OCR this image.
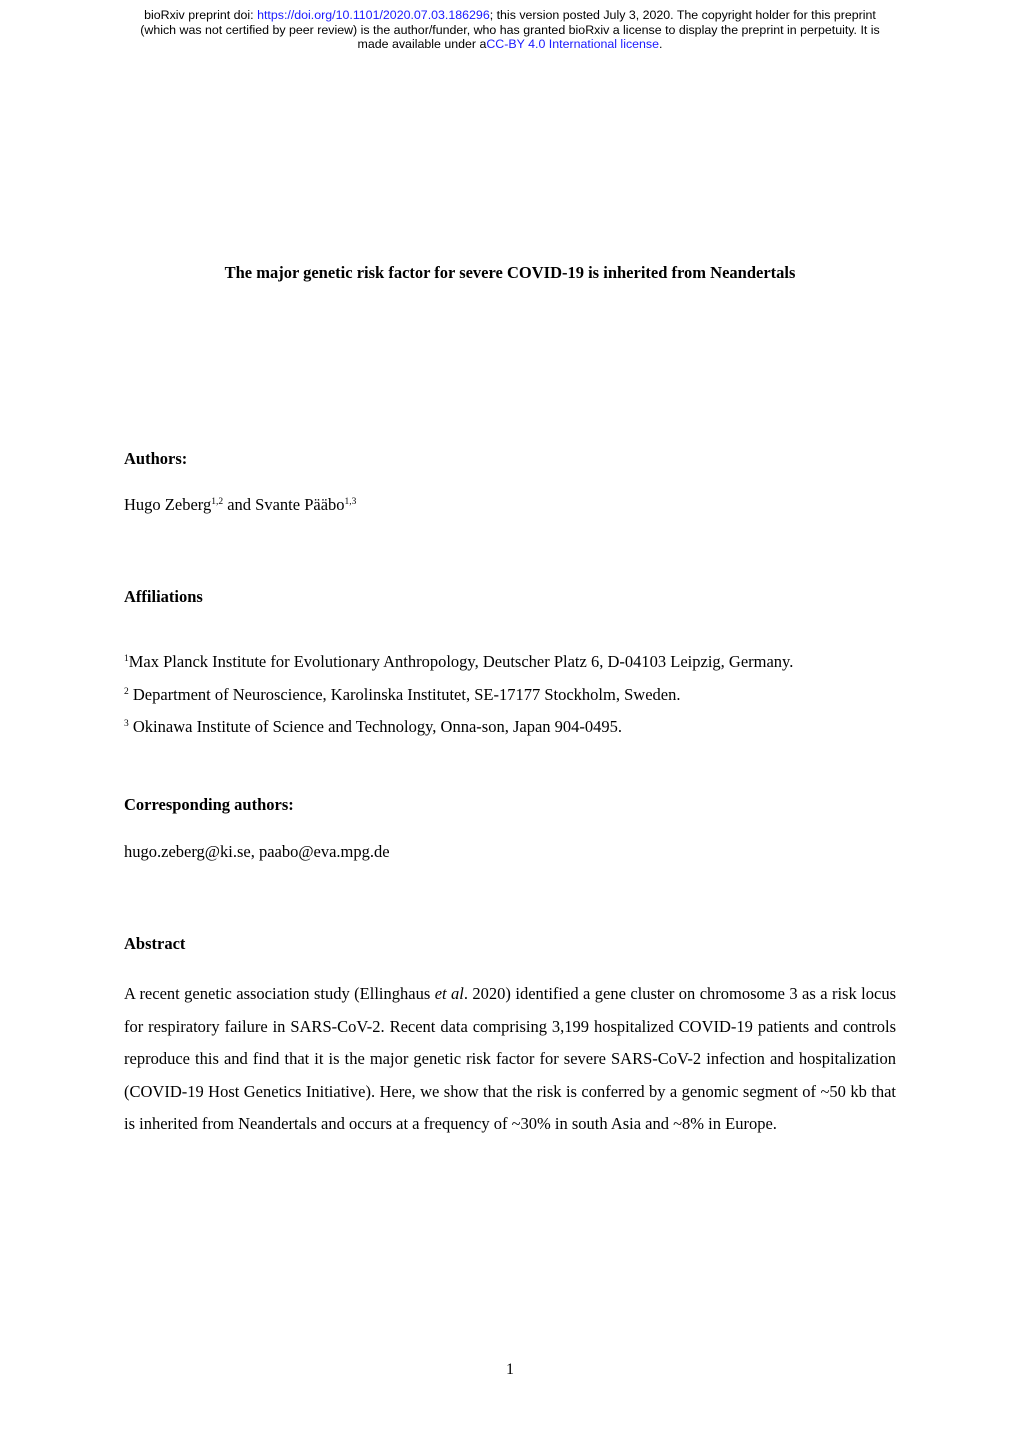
bioRxiv preprint doi: https://doi.org/10.1101/2020.07.03.186296; this version posted July 3, 2020. The copyright holder for this preprint
(which was not certified by peer review) is the author/funder, who has granted bioRxiv a license to display the preprint in perpetuity. It is
made available under aCC-BY 4.0 International license.
The major genetic risk factor for severe COVID-19 is inherited from Neandertals
Authors:
Hugo Zeberg$^{1,2}$ and Svante Pääbo$^{1,3}$
Affiliations
$^1$Max Planck Institute for Evolutionary Anthropology, Deutscher Platz 6, D-04103 Leipzig, Germany.
$^2$ Department of Neuroscience, Karolinska Institutet, SE-17177 Stockholm, Sweden.
$^3$ Okinawa Institute of Science and Technology, Onna-son, Japan 904-0495.
Corresponding authors:
hugo.zeberg@ki.se, paabo@eva.mpg.de
Abstract

A recent genetic association study (Ellinghaus et al. 2020) identified a gene cluster on chromosome 3 as a risk locus for respiratory failure in SARS-CoV-2. Recent data comprising 3,199 hospitalized COVID-19 patients and controls reproduce this and find that it is the major genetic risk factor for severe SARS-CoV-2 infection and hospitalization (COVID-19 Host Genetics Initiative). Here, we show that the risk is conferred by a genomic segment of ~50 kb that is inherited from Neandertals and occurs at a frequency of ~30% in south Asia and ~8% in Europe.

1
